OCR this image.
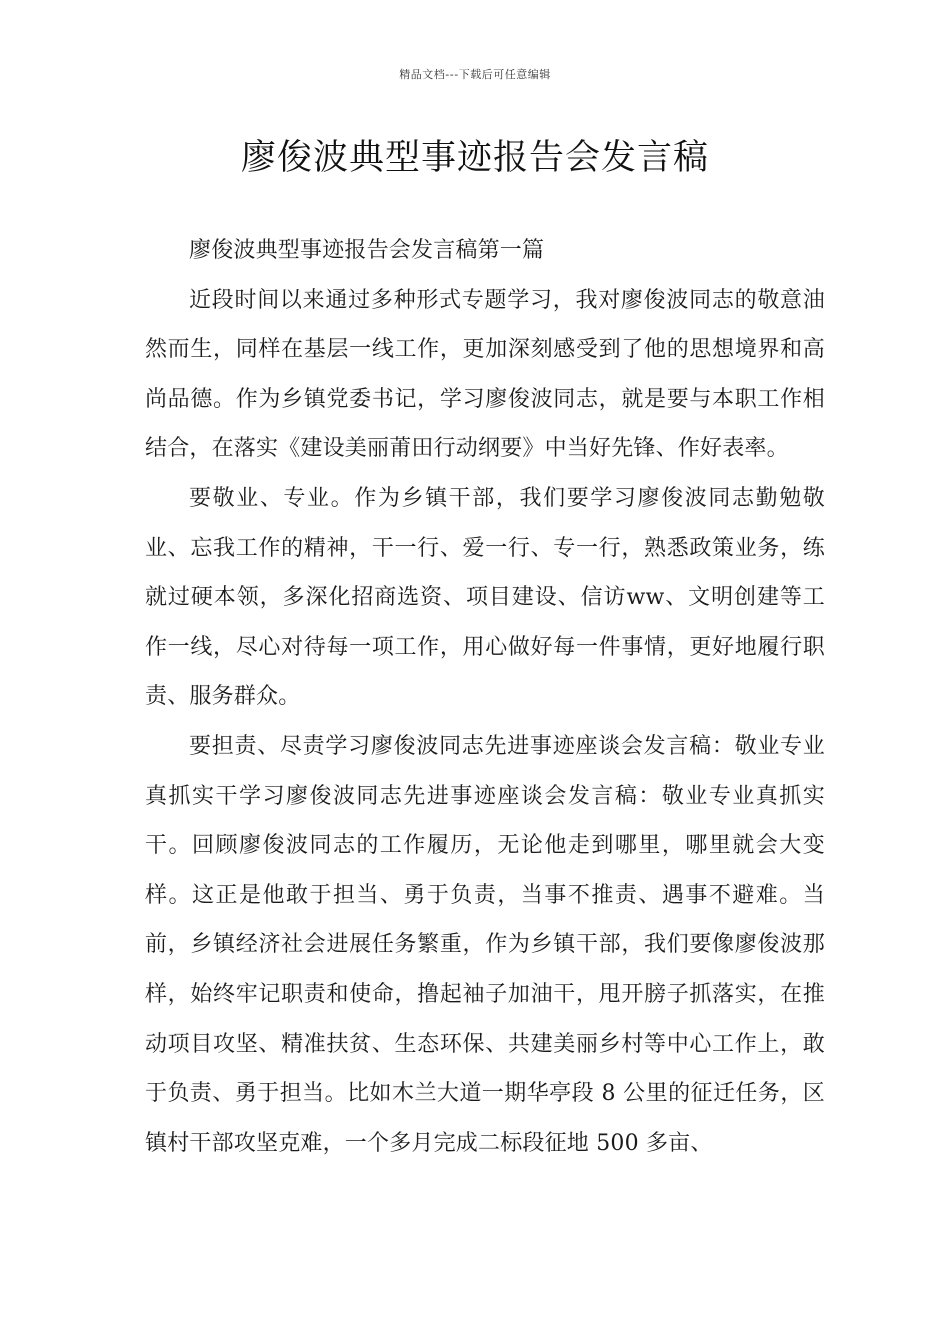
精品文档---下载后可任意编辑
廖俊波典型事迹报告会发言稿

廖俊波典型事迹报告会发言稿第一篇

近段时间以来通过多种形式专题学习，我对廖俊波同志的敬意油然而生，同样在基层一线工作，更加深刻感受到了他的思想境界和高尚品德。作为乡镇党委书记，学习廖俊波同志，就是要与本职工作相结合，在落实《建设美丽莆田行动纲要》中当好先锋、作好表率。

要敬业、专业。作为乡镇干部，我们要学习廖俊波同志勤勉敬业、忘我工作的精神，干一行、爱一行、专一行，熟悉政策业务，练就过硬本领，多深化招商选资、项目建设、信访ww、文明创建等工作一线，尽心对待每一项工作，用心做好每一件事情，更好地履行职责、服务群众。

要担责、尽责学习廖俊波同志先进事迹座谈会发言稿：敬业专业真抓实干学习廖俊波同志先进事迹座谈会发言稿：敬业专业真抓实干。回顾廖俊波同志的工作履历，无论他走到哪里，哪里就会大变样。这正是他敢于担当、勇于负责，当事不推责、遇事不避难。当前，乡镇经济社会进展任务繁重，作为乡镇干部，我们要像廖俊波那样，始终牢记职责和使命，撸起袖子加油干，甩开膀子抓落实，在推动项目攻坚、精准扶贫、生态环保、共建美丽乡村等中心工作上，敢于负责、勇于担当。比如木兰大道一期华亭段 8 公里的征迁任务，区镇村干部攻坚克难，一个多月完成二标段征地 500 多亩、
